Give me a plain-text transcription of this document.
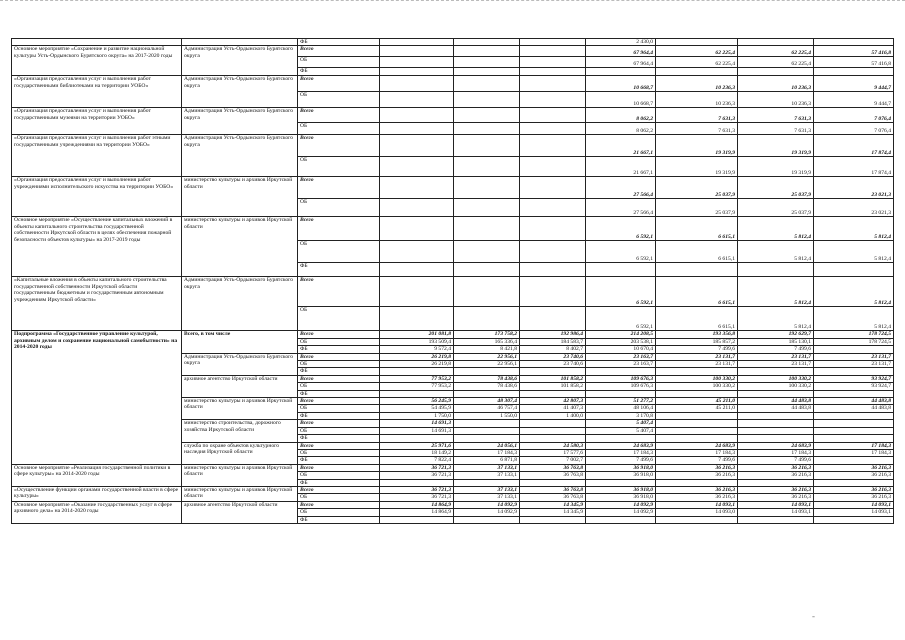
-
		ФБ				2 430,0			
Основное мероприятие «Сохранение и развитие национальной культуры Усть-Ордынского Бурятского округа» на 2017-2020 годы	Администрация Усть-Ордынского Бурятского округа	Всего				67 964,4	62 225,4	62 225,4	57 416,8
		ОБ				67 964,4	62 225,4	62 225,4	57 416,8
		ФБ							
«Организация предоставления услуг и выполнения работ государственными библиотеками на территории УОБО»	Администрация Усть-Ордынского Бурятского округа	Всего				10 668,7	10 236,3	10 236,3	9 444,7
		ОБ				10 668,7	10 236,3	10 236,3	9 444,7
«Организация предоставления услуг и выполнения работ государственными музеями на территории УОБО»	Администрация Усть-Ордынского Бурятского округа	Всего				8 062,2	7 631,3	7 631,3	7 076,4
		ОБ				8 062,2	7 631,3	7 631,3	7 076,4
«Организация предоставления услуг и выполнения работ этными государственными учреждениями на территории УОБО»	Администрация Усть-Ордынского Бурятского округа	Всего				21 667,1	19 319,9	19 319,9	17 874,4
		ОБ				21 667,1	19 319,9	19 319,9	17 874,4
«Организация предоставления услуг и выполнения работ учреждениями исполнительского искусства на территории УОБО»	министерство культуры и архивов Иркутской области	Всего				27 566,4	25 037,9	25 037,9	23 021,3
		ОБ				27 566,4	25 037,9	25 037,9	23 021,3
Основное мероприятие «Осуществление капитальных вложений в объекты капитального строительства государственной собственности Иркутской области в целях обеспечения пожарной безопасности объектов культуры» на 2017-2019 годы	министерство культуры и архивов Иркутской области	Всего				6 592,1	6 615,1	5 812,4	5 812,4
		ОБ				6 592,1	6 615,1	5 812,4	5 812,4
		ФБ							
«Капитальные вложения в объекты капитального строительства государственной собственности Иркутской области государственным бюджетным и государственным автономным учреждениям Иркутской области»	Администрация Усть-Ордынского Бурятского округа	Всего				6 592,1	6 615,1	5 812,4	5 812,4
		ОБ				6 592,1	6 615,1	5 812,4	5 812,4
Подпрограмма «Государственное управление культурой, архивным делом и сохранение национальной самобытности» на 2014-2020 годы	Всего, в том числе	Всего	201 081,8	173 758,2	192 986,4	214 208,5	193 356,8	192 629,7	178 724,5
		ОБ	193 509,4	165 336,4	184 583,7	203 538,1	185 857,2	185 130,1	178 724,5
		ФБ	9 572,4	8 421,8	8 402,7	10 670,4	7 499,6	7 499,6	
	Администрация Усть-Ордынского Бурятского округа	Всего	26 219,8	22 956,1	23 740,6	23 163,7	23 131,7	23 131,7	23 131,7
		ОБ	26 219,8	22 956,1	23 740,6	23 163,7	23 131,7	23 131,7	23 131,7
		ФБ							
	архивное агентство Иркутской области	Всего	77 953,2	78 438,6	101 858,2	109 676,3	100 330,2	100 330,2	93 924,7
		ОБ	77 953,2	78 438,6	101 858,2	109 676,3	100 330,2	100 330,2	93 924,7
		ФБ							
	министерство культуры и архивов Иркутской области	Всего	56 245,9	48 307,4	42 807,3	51 277,2	45 211,0	44 483,8	44 483,8
		ОБ	54 495,9	46 757,4	41 407,3	48 106,4	45 211,0	44 483,8	44 483,8
		ФБ	1 750,0	1 550,0	1 400,0	3 170,8			
	министерство строительства, дорожного хозяйства Иркутской области	Всего	14 691,3			5 407,4			
		ОБ	14 691,3			5 407,4			
		ФБ							
	служба по охране объектов культурного наследия Иркутской области	Всего	25 971,6	24 056,1	24 580,3	24 683,9	24 683,9	24 683,9	17 184,3
		ОБ	18 149,2	17 184,3	17 577,6	17 184,3	17 184,3	17 184,3	17 184,3
		ФБ	7 822,4	6 871,8	7 002,7	7 499,6	7 499,6	7 499,6	
Основное мероприятие «Реализация государственной политики в сфере культуры» на 2014-2020 годы	министерство культуры и архивов Иркутской области	Всего	36 721,3	37 133,1	36 763,8	36 918,0	36 216,3	36 216,3	36 216,3
		ОБ	36 721,3	37 133,1	36 763,8	36 918,0	36 216,3	36 216,3	36 216,3
		ФБ							
«Осуществление функции органами государственной власти в сфере культуры»	министерство культуры и архивов Иркутской области	Всего	36 721,3	37 133,1	36 763,8	36 918,0	36 216,3	36 216,3	36 216,3
		ОБ	36 721,3	37 133,1	36 763,8	36 918,0	36 216,3	36 216,3	36 216,3
Основное мероприятие «Оказание государственных услуг в сфере архивного дела» на 2014-2020 годы	архивное агентство Иркутской области	Всего	14 864,9	14 092,9	14 345,9	14 092,9	14 093,1	14 093,1	14 093,1
		ОБ	14 864,9	14 092,9	14 345,9	14 092,9	14 093,0	14 093,1	14 093,1
		ФБ							
